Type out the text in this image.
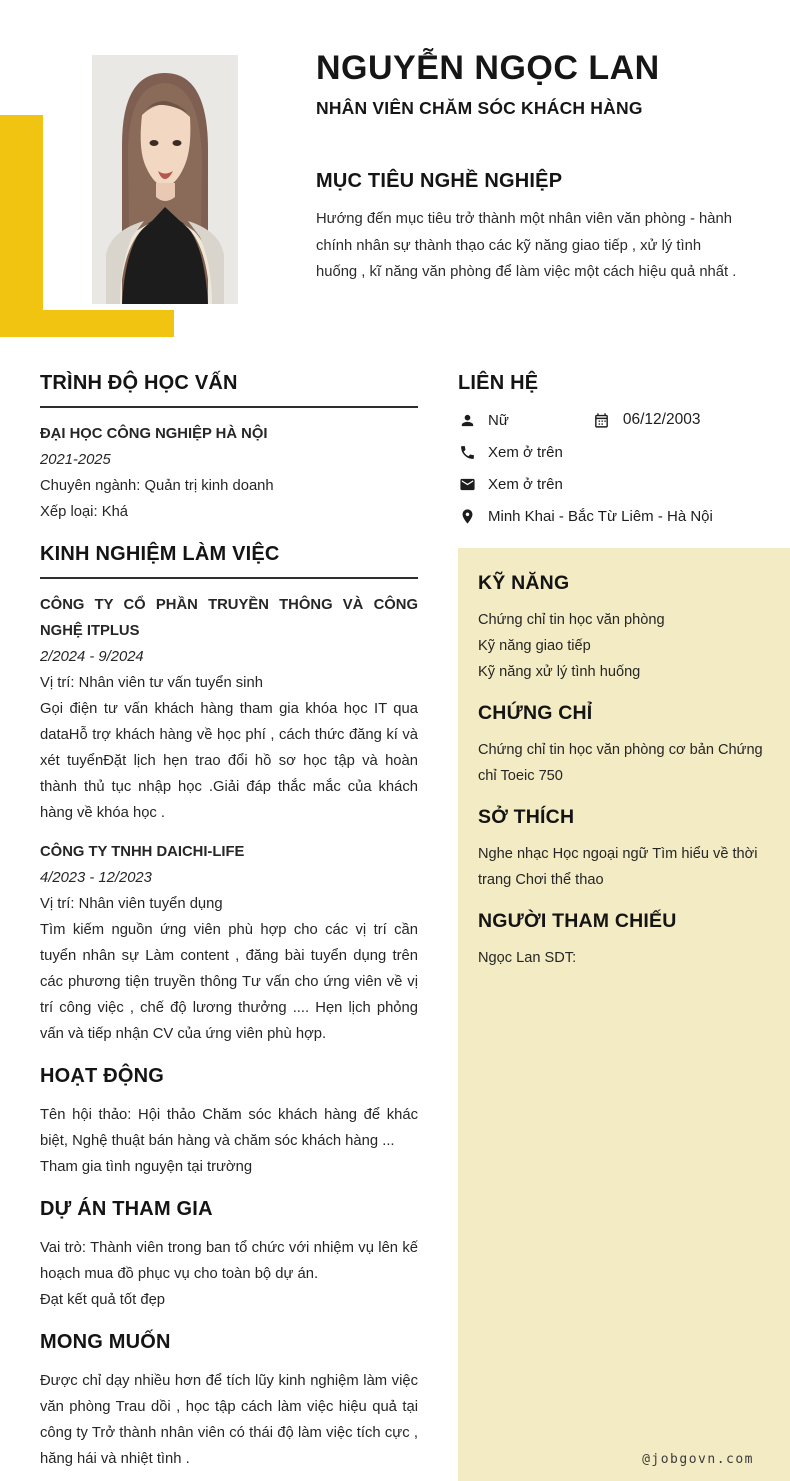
NGUYỄN NGỌC LAN
NHÂN VIÊN CHĂM SÓC KHÁCH HÀNG
MỤC TIÊU NGHỀ NGHIỆP

Hướng đến mục tiêu trở thành một nhân viên văn phòng - hành chính nhân sự thành thạo các kỹ năng giao tiếp , xử lý tình huống , kĩ năng văn phòng để làm việc một cách hiệu quả nhất .

TRÌNH ĐỘ HỌC VẤN

ĐẠI HỌC CÔNG NGHIỆP HÀ NỘI

2021-2025

Chuyên ngành: Quản trị kinh doanh

Xếp loại: Khá

KINH NGHIỆM LÀM VIỆC

CÔNG TY CỔ PHẦN TRUYỀN THÔNG VÀ CÔNG NGHỆ ITPLUS

2/2024 - 9/2024

Vị trí: Nhân viên tư vấn tuyển sinh

Gọi điện tư vấn khách hàng tham gia khóa học IT qua dataHỗ trợ khách hàng về học phí , cách thức đăng kí và xét tuyểnĐặt lịch hẹn trao đổi hồ sơ học tập và hoàn thành thủ tục nhập học .Giải đáp thắc mắc của khách hàng về khóa học .

CÔNG TY TNHH DAICHI-LIFE

4/2023 - 12/2023

Vị trí: Nhân viên tuyển dụng

Tìm kiếm nguồn ứng viên phù hợp cho các vị trí cần tuyển nhân sự Làm content , đăng bài tuyển dụng trên các phương tiện truyền thông Tư vấn cho ứng viên về vị trí công việc , chế độ lương thưởng .... Hẹn lịch phỏng vấn và tiếp nhận CV của ứng viên phù hợp.

HOẠT ĐỘNG

Tên hội thảo: Hội thảo Chăm sóc khách hàng để khác biệt, Nghệ thuật bán hàng và chăm sóc khách hàng ...

Tham gia tình nguyện tại trường

DỰ ÁN THAM GIA

Vai trò: Thành viên trong ban tổ chức với nhiệm vụ lên kế hoạch mua đồ phục vụ cho toàn bộ dự án.

Đạt kết quả tốt đẹp

MONG MUỐN

Được chỉ dạy nhiều hơn để tích lũy kinh nghiệm làm việc văn phòng Trau dồi , học tập cách làm việc hiệu quả tại công ty Trở thành nhân viên có thái độ làm việc tích cực , hăng hái và nhiệt tình .

LIÊN HỆ
Nữ	06/12/2003
Xem ở trên
Xem ở trên
Minh Khai - Bắc Từ Liêm - Hà Nội
KỸ NĂNG

Chứng chỉ tin học văn phòng

Kỹ năng giao tiếp

Kỹ năng xử lý tình huống

CHỨNG CHỈ

Chứng chỉ tin học văn phòng cơ bản Chứng chỉ Toeic 750

SỞ THÍCH

Nghe nhạc Học ngoại ngữ Tìm hiểu về thời trang Chơi thể thao

NGƯỜI THAM CHIẾU

Ngọc Lan SDT:

@jobgovn.com
